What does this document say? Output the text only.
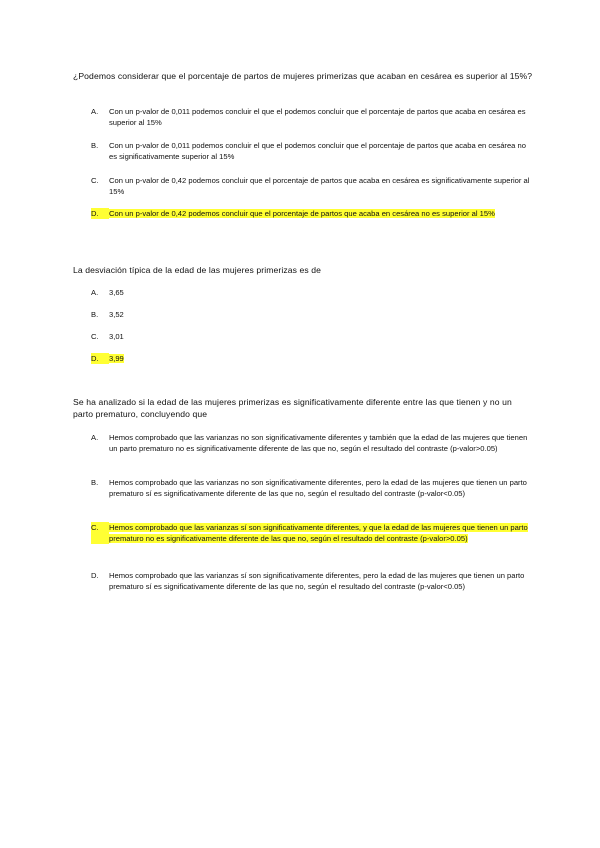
¿Podemos considerar que el porcentaje de partos de mujeres primerizas que acaban en cesárea es superior al 15%?
A.	Con un p-valor de 0,011 podemos concluir el que el podemos concluir que el porcentaje de partos que acaba en cesárea es superior al 15%
B.	Con un p-valor de 0,011 podemos concluir el que el podemos concluir que el porcentaje de partos que acaba en cesárea no es significativamente superior al 15%
C.	Con un p-valor de 0,42 podemos concluir que el porcentaje de partos que acaba en cesárea es significativamente superior al 15%
D.	Con un p-valor de 0,42 podemos concluir que el porcentaje de partos que acaba en cesárea no es superior al 15%
La desviación típica de la edad de las mujeres primerizas es de
A.	3,65
B.	3,52
C.	3,01
D.	3,99
Se ha analizado si la edad de las mujeres primerizas es significativamente diferente entre las que tienen y no un parto prematuro, concluyendo que
A.	Hemos comprobado que las varianzas no son significativamente diferentes y también que la edad de las mujeres que tienen un parto prematuro no es significativamente diferente de las que no, según el resultado del contraste (p-valor>0.05)
B.	Hemos comprobado que las varianzas no son significativamente diferentes, pero la edad de las mujeres que tienen un parto prematuro sí es significativamente diferente de las que no, según el resultado del contraste (p-valor<0.05)
C.	Hemos comprobado que las varianzas sí son significativamente diferentes, y que la edad de las mujeres que tienen un parto prematuro no es significativamente diferente de las que no, según el resultado del contraste (p-valor>0.05)
D.	Hemos comprobado que las varianzas sí son significativamente diferentes, pero la edad de las mujeres que tienen un parto prematuro sí es significativamente diferente de las que no, según el resultado del contraste (p-valor<0.05)
